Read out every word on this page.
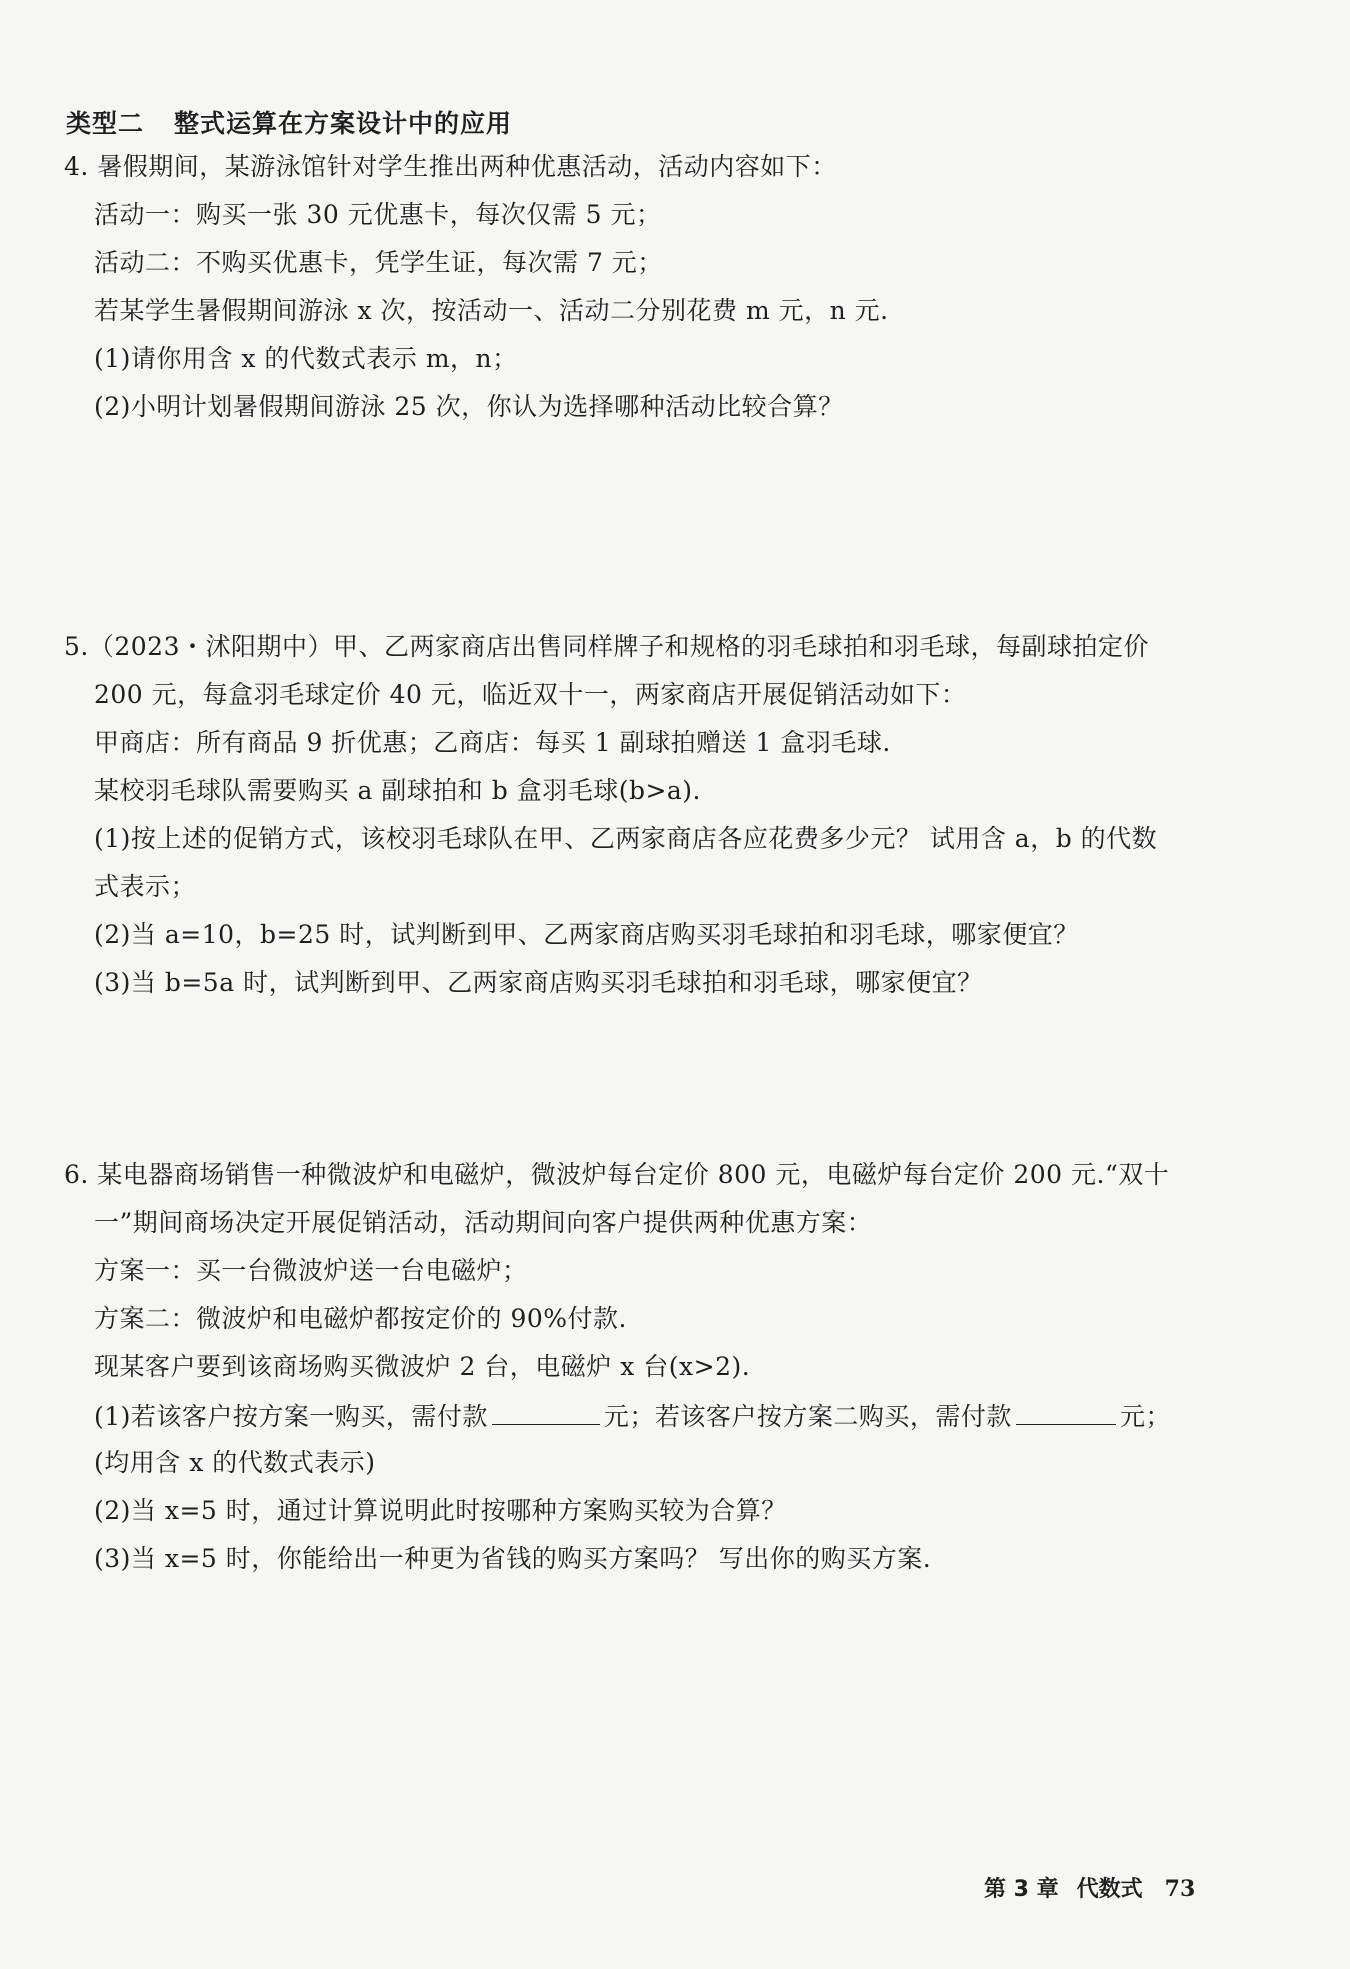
类型二 整式运算在方案设计中的应用
4. 暑假期间，某游泳馆针对学生推出两种优惠活动，活动内容如下：
活动一：购买一张 30 元优惠卡，每次仅需 5 元；
活动二：不购买优惠卡，凭学生证，每次需 7 元；
若某学生暑假期间游泳 x 次，按活动一、活动二分别花费 m 元，n 元.
(1)请你用含 x 的代数式表示 m，n；
(2)小明计划暑假期间游泳 25 次，你认为选择哪种活动比较合算？
5.（2023・沭阳期中）甲、乙两家商店出售同样牌子和规格的羽毛球拍和羽毛球，每副球拍定价
200 元，每盒羽毛球定价 40 元，临近双十一，两家商店开展促销活动如下：
甲商店：所有商品 9 折优惠；乙商店：每买 1 副球拍赠送 1 盒羽毛球.
某校羽毛球队需要购买 a 副球拍和 b 盒羽毛球(b>a).
(1)按上述的促销方式，该校羽毛球队在甲、乙两家商店各应花费多少元？ 试用含 a，b 的代数
式表示；
(2)当 a=10，b=25 时，试判断到甲、乙两家商店购买羽毛球拍和羽毛球，哪家便宜？
(3)当 b=5a 时，试判断到甲、乙两家商店购买羽毛球拍和羽毛球，哪家便宜？
6. 某电器商场销售一种微波炉和电磁炉，微波炉每台定价 800 元，电磁炉每台定价 200 元.“双十
一”期间商场决定开展促销活动，活动期间向客户提供两种优惠方案：
方案一：买一台微波炉送一台电磁炉；
方案二：微波炉和电磁炉都按定价的 90%付款.
现某客户要到该商场购买微波炉 2 台，电磁炉 x 台(x>2).
(1)若该客户按方案一购买，需付款	元；若该客户按方案二购买，需付款	元；
(均用含 x 的代数式表示)
(2)当 x=5 时，通过计算说明此时按哪种方案购买较为合算？
(3)当 x=5 时，你能给出一种更为省钱的购买方案吗？ 写出你的购买方案.
第 3 章 代数式 73
